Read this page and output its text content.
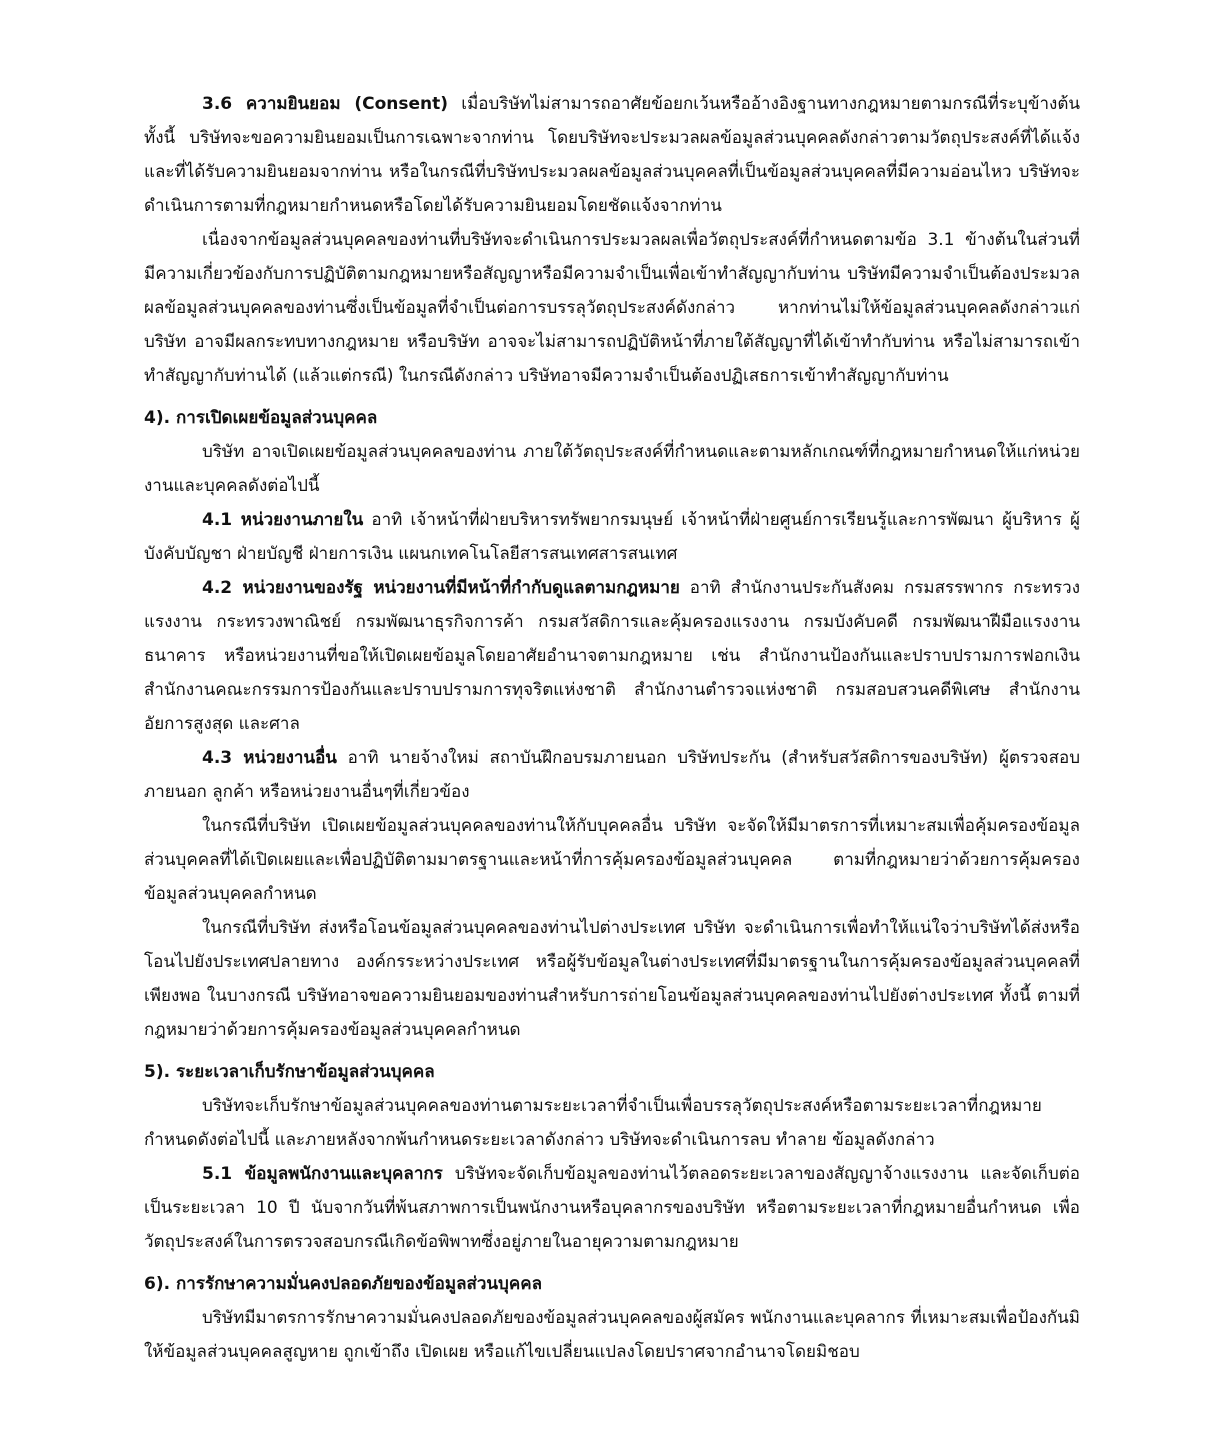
3.6 ความยินยอม (Consent) เมื่อบริษัทไม่สามารถอาศัยข้อยกเว้นหรืออ้างอิงฐานทางกฎหมายตามกรณีที่ระบุข้างต้น ทั้งนี้ บริษัทจะขอความยินยอมเป็นการเฉพาะจากท่าน โดยบริษัทจะประมวลผลข้อมูลส่วนบุคคลดังกล่าวตามวัตถุประสงค์ที่ได้แจ้งและที่ได้รับความยินยอมจากท่าน หรือในกรณีที่บริษัทประมวลผลข้อมูลส่วนบุคคลที่เป็นข้อมูลส่วนบุคคลที่มีความอ่อนไหว บริษัทจะดำเนินการตามที่กฎหมายกำหนดหรือโดยได้รับความยินยอมโดยชัดแจ้งจากท่าน

เนื่องจากข้อมูลส่วนบุคคลของท่านที่บริษัทจะดำเนินการประมวลผลเพื่อวัตถุประสงค์ที่กำหนดตามข้อ 3.1 ข้างต้นในส่วนที่มีความเกี่ยวข้องกับการปฏิบัติตามกฎหมายหรือสัญญาหรือมีความจำเป็นเพื่อเข้าทำสัญญากับท่าน บริษัทมีความจำเป็นต้องประมวลผลข้อมูลส่วนบุคคลของท่านซึ่งเป็นข้อมูลที่จำเป็นต่อการบรรลุวัตถุประสงค์ดังกล่าว หากท่านไม่ให้ข้อมูลส่วนบุคคลดังกล่าวแก่บริษัท อาจมีผลกระทบทางกฎหมาย หรือบริษัท อาจจะไม่สามารถปฏิบัติหน้าที่ภายใต้สัญญาที่ได้เข้าทำกับท่าน หรือไม่สามารถเข้าทำสัญญากับท่านได้ (แล้วแต่กรณี) ในกรณีดังกล่าว บริษัทอาจมีความจำเป็นต้องปฏิเสธการเข้าทำสัญญากับท่าน

4). การเปิดเผยข้อมูลส่วนบุคคล

บริษัท อาจเปิดเผยข้อมูลส่วนบุคคลของท่าน ภายใต้วัตถุประสงค์ที่กำหนดและตามหลักเกณฑ์ที่กฎหมายกำหนดให้แก่หน่วยงานและบุคคลดังต่อไปนี้

4.1 หน่วยงานภายใน อาทิ เจ้าหน้าที่ฝ่ายบริหารทรัพยากรมนุษย์ เจ้าหน้าที่ฝ่ายศูนย์การเรียนรู้และการพัฒนา ผู้บริหาร ผู้บังคับบัญชา ฝ่ายบัญชี ฝ่ายการเงิน แผนกเทคโนโลยีสารสนเทศสารสนเทศ

4.2 หน่วยงานของรัฐ หน่วยงานที่มีหน้าที่กำกับดูแลตามกฎหมาย อาทิ สำนักงานประกันสังคม กรมสรรพากร กระทรวงแรงงาน กระทรวงพาณิชย์ กรมพัฒนาธุรกิจการค้า กรมสวัสดิการและคุ้มครองแรงงาน กรมบังคับคดี กรมพัฒนาฝีมือแรงงาน ธนาคาร หรือหน่วยงานที่ขอให้เปิดเผยข้อมูลโดยอาศัยอำนาจตามกฎหมาย เช่น สำนักงานป้องกันและปราบปรามการฟอกเงิน สำนักงานคณะกรรมการป้องกันและปราบปรามการทุจริตแห่งชาติ สำนักงานตำรวจแห่งชาติ กรมสอบสวนคดีพิเศษ สำนักงานอัยการสูงสุด และศาล

4.3 หน่วยงานอื่น อาทิ นายจ้างใหม่ สถาบันฝึกอบรมภายนอก บริษัทประกัน (สำหรับสวัสดิการของบริษัท) ผู้ตรวจสอบภายนอก ลูกค้า หรือหน่วยงานอื่นๆที่เกี่ยวข้อง

ในกรณีที่บริษัท เปิดเผยข้อมูลส่วนบุคคลของท่านให้กับบุคคลอื่น บริษัท จะจัดให้มีมาตรการที่เหมาะสมเพื่อคุ้มครองข้อมูลส่วนบุคคลที่ได้เปิดเผยและเพื่อปฏิบัติตามมาตรฐานและหน้าที่การคุ้มครองข้อมูลส่วนบุคคล ตามที่กฎหมายว่าด้วยการคุ้มครองข้อมูลส่วนบุคคลกำหนด

ในกรณีที่บริษัท ส่งหรือโอนข้อมูลส่วนบุคคลของท่านไปต่างประเทศ บริษัท จะดำเนินการเพื่อทำให้แน่ใจว่าบริษัทได้ส่งหรือโอนไปยังประเทศปลายทาง องค์กรระหว่างประเทศ หรือผู้รับข้อมูลในต่างประเทศที่มีมาตรฐานในการคุ้มครองข้อมูลส่วนบุคคลที่เพียงพอ ในบางกรณี บริษัทอาจขอความยินยอมของท่านสำหรับการถ่ายโอนข้อมูลส่วนบุคคลของท่านไปยังต่างประเทศ ทั้งนี้ ตามที่กฎหมายว่าด้วยการคุ้มครองข้อมูลส่วนบุคคลกำหนด

5). ระยะเวลาเก็บรักษาข้อมูลส่วนบุคคล

บริษัทจะเก็บรักษาข้อมูลส่วนบุคคลของท่านตามระยะเวลาที่จำเป็นเพื่อบรรลุวัตถุประสงค์หรือตามระยะเวลาที่กฎหมายกำหนดดังต่อไปนี้ และภายหลังจากพ้นกำหนดระยะเวลาดังกล่าว บริษัทจะดำเนินการลบ ทำลาย ข้อมูลดังกล่าว

5.1 ข้อมูลพนักงานและบุคลากร บริษัทจะจัดเก็บข้อมูลของท่านไว้ตลอดระยะเวลาของสัญญาจ้างแรงงาน และจัดเก็บต่อเป็นระยะเวลา 10 ปี นับจากวันที่พ้นสภาพการเป็นพนักงานหรือบุคลากรของบริษัท หรือตามระยะเวลาที่กฎหมายอื่นกำหนด เพื่อวัตถุประสงค์ในการตรวจสอบกรณีเกิดข้อพิพาทซึ่งอยู่ภายในอายุความตามกฎหมาย

6). การรักษาความมั่นคงปลอดภัยของข้อมูลส่วนบุคคล

บริษัทมีมาตรการรักษาความมั่นคงปลอดภัยของข้อมูลส่วนบุคคลของผู้สมัคร พนักงานและบุคลากร ที่เหมาะสมเพื่อป้องกันมิให้ข้อมูลส่วนบุคคลสูญหาย ถูกเข้าถึง เปิดเผย หรือแก้ไขเปลี่ยนแปลงโดยปราศจากอำนาจโดยมิชอบ
